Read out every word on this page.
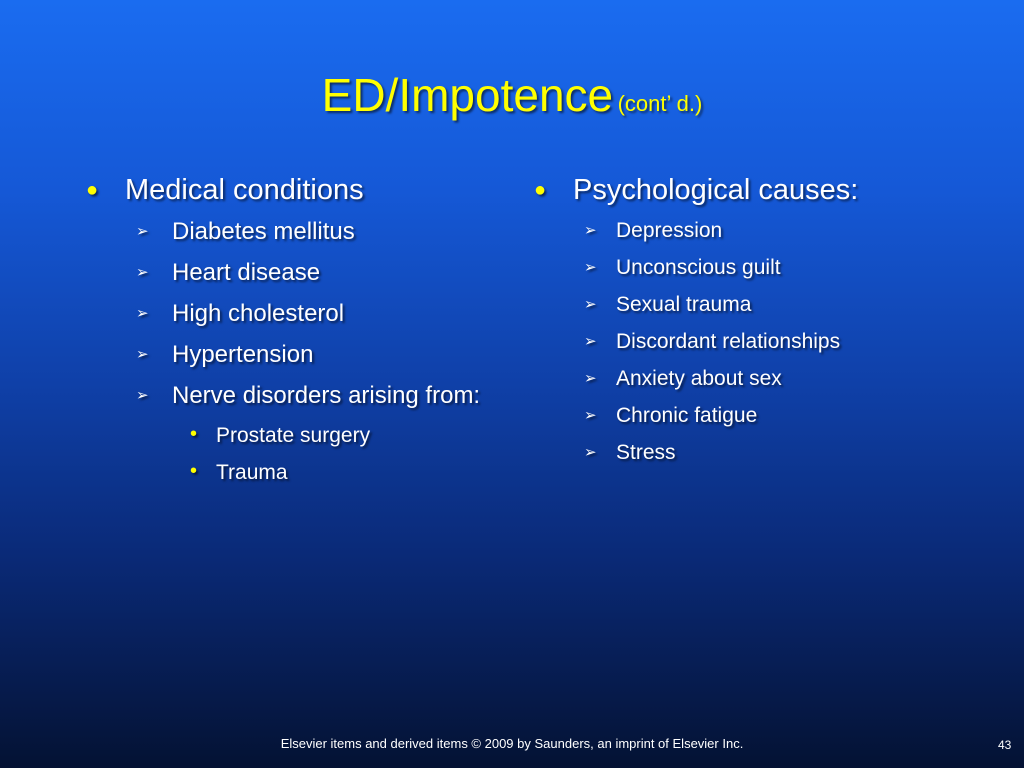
ED/Impotence (cont’ d.)
● Medical conditions
➢ Diabetes mellitus
➢ Heart disease
➢ High cholesterol
➢ Hypertension
➢ Nerve disorders arising from:
• Prostate surgery
• Trauma
● Psychological causes:
➢ Depression
➢ Unconscious guilt
➢ Sexual trauma
➢ Discordant relationships
➢ Anxiety about sex
➢ Chronic fatigue
➢ Stress
Elsevier items and derived items © 2009 by Saunders, an imprint of Elsevier Inc.	43
